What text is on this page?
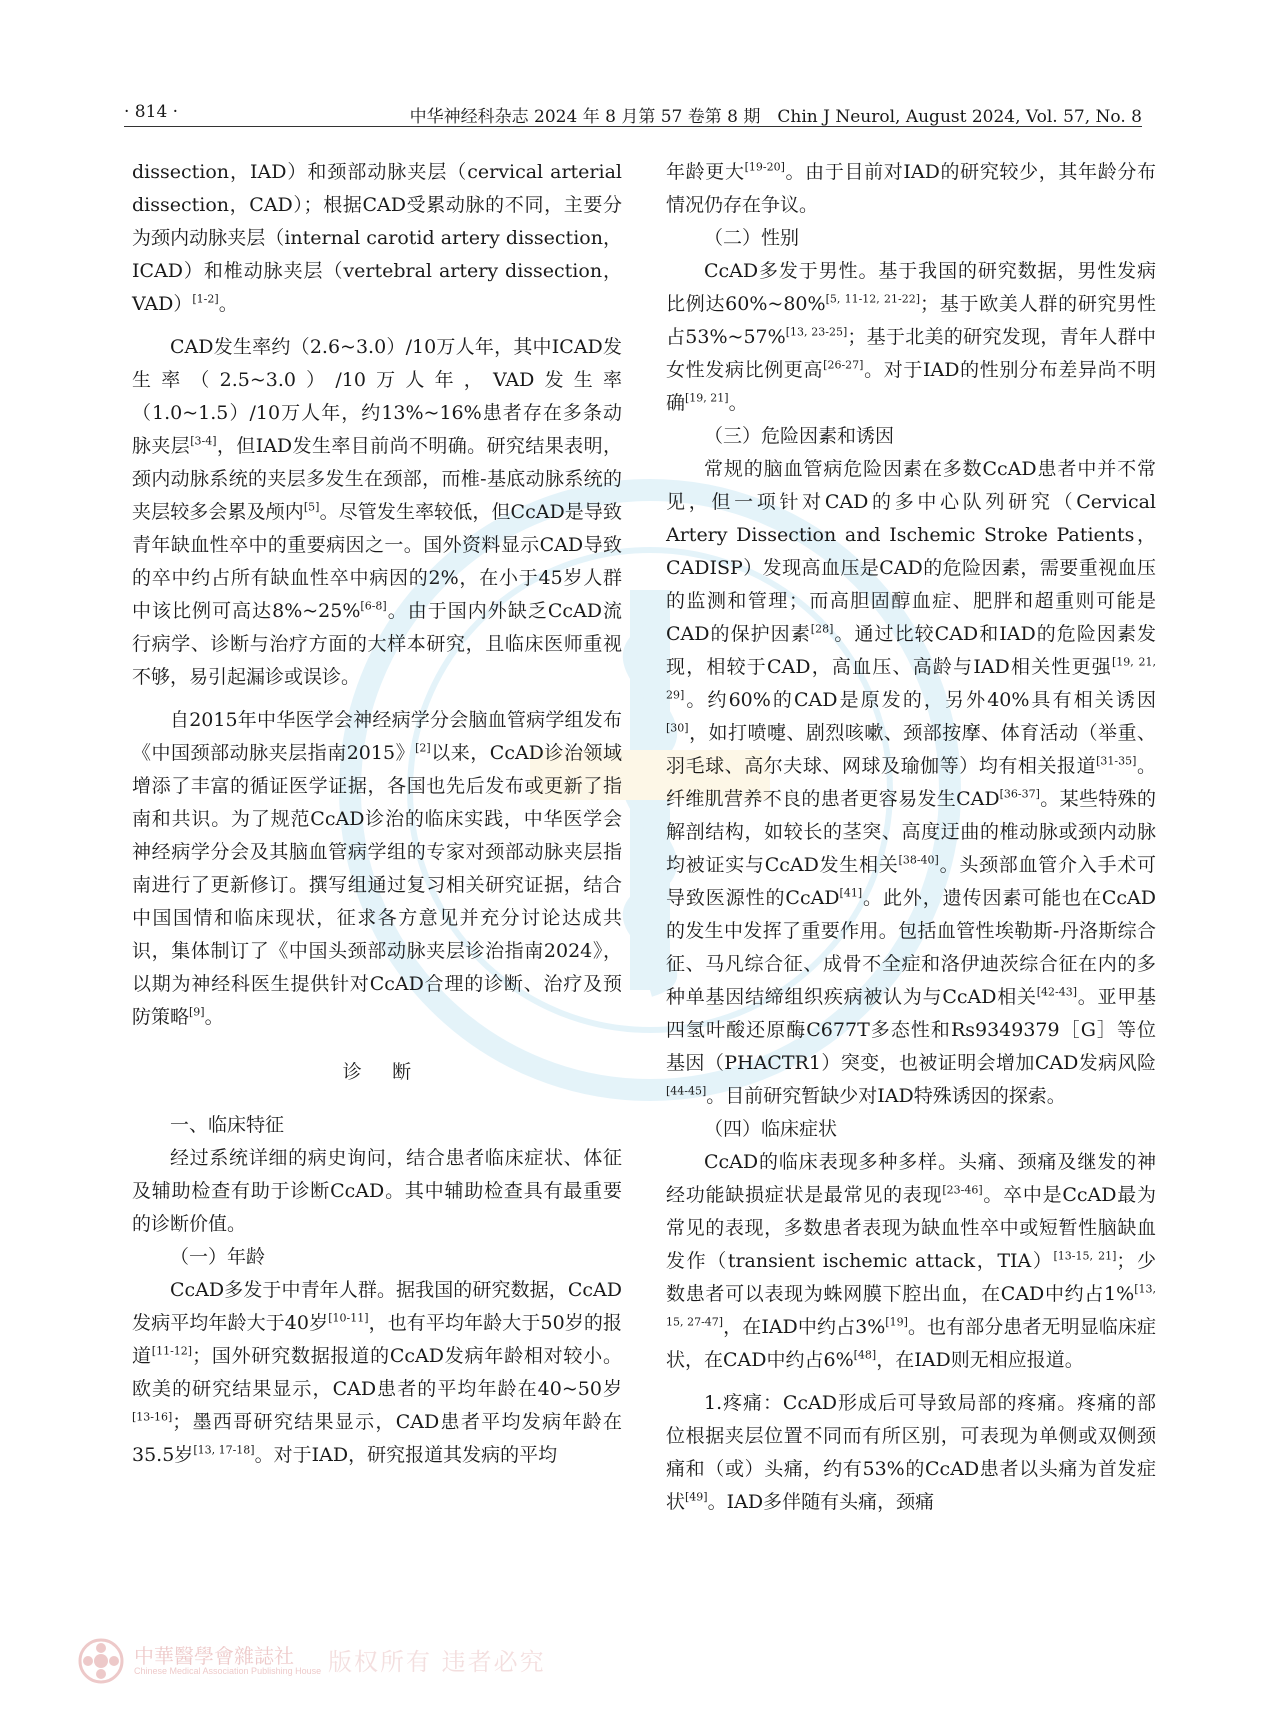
· 814 ·	中华神经科杂志 2024 年 8 月第 57 卷第 8 期　Chin J Neurol, August 2024, Vol. 57, No. 8

dissection，IAD）和颈部动脉夹层（cervical arterial dissection，CAD）；根据CAD受累动脉的不同，主要分为颈内动脉夹层（internal carotid artery dissection，ICAD）和椎动脉夹层（vertebral artery dissection，VAD）[1-2]。

CAD发生率约（2.6~3.0）/10万人年，其中ICAD发生率（2.5~3.0）/10万人年，VAD发生率（1.0~1.5）/10万人年，约13%~16%患者存在多条动脉夹层[3-4]，但IAD发生率目前尚不明确。研究结果表明，颈内动脉系统的夹层多发生在颈部，而椎-基底动脉系统的夹层较多会累及颅内[5]。尽管发生率较低，但CcAD是导致青年缺血性卒中的重要病因之一。国外资料显示CAD导致的卒中约占所有缺血性卒中病因的2%，在小于45岁人群中该比例可高达8%~25%[6-8]。由于国内外缺乏CcAD流行病学、诊断与治疗方面的大样本研究，且临床医师重视不够，易引起漏诊或误诊。

自2015年中华医学会神经病学分会脑血管病学组发布《中国颈部动脉夹层指南2015》[2]以来，CcAD诊治领域增添了丰富的循证医学证据，各国也先后发布或更新了指南和共识。为了规范CcAD诊治的临床实践，中华医学会神经病学分会及其脑血管病学组的专家对颈部动脉夹层指南进行了更新修订。撰写组通过复习相关研究证据，结合中国国情和临床现状，征求各方意见并充分讨论达成共识，集体制订了《中国头颈部动脉夹层诊治指南2024》，以期为神经科医生提供针对CcAD合理的诊断、治疗及预防策略[9]。

诊断

一、临床特征

经过系统详细的病史询问，结合患者临床症状、体征及辅助检查有助于诊断CcAD。其中辅助检查具有最重要的诊断价值。

（一）年龄

CcAD多发于中青年人群。据我国的研究数据，CcAD发病平均年龄大于40岁[10-11]，也有平均年龄大于50岁的报道[11-12]；国外研究数据报道的CcAD发病年龄相对较小。欧美的研究结果显示，CAD患者的平均年龄在40~50岁[13-16]；墨西哥研究结果显示，CAD患者平均发病年龄在35.5岁[13, 17-18]。对于IAD，研究报道其发病的平均

年龄更大[19-20]。由于目前对IAD的研究较少，其年龄分布情况仍存在争议。

（二）性别

CcAD多发于男性。基于我国的研究数据，男性发病比例达60%~80%[5, 11-12, 21-22]；基于欧美人群的研究男性占53%~57%[13, 23-25]；基于北美的研究发现，青年人群中女性发病比例更高[26-27]。对于IAD的性别分布差异尚不明确[19, 21]。

（三）危险因素和诱因

常规的脑血管病危险因素在多数CcAD患者中并不常见，但一项针对CAD的多中心队列研究（Cervical Artery Dissection and Ischemic Stroke Patients，CADISP）发现高血压是CAD的危险因素，需要重视血压的监测和管理；而高胆固醇血症、肥胖和超重则可能是CAD的保护因素[28]。通过比较CAD和IAD的危险因素发现，相较于CAD，高血压、高龄与IAD相关性更强[19, 21, 29]。约60%的CAD是原发的，另外40%具有相关诱因[30]，如打喷嚏、剧烈咳嗽、颈部按摩、体育活动（举重、羽毛球、高尔夫球、网球及瑜伽等）均有相关报道[31-35]。纤维肌营养不良的患者更容易发生CAD[36-37]。某些特殊的解剖结构，如较长的茎突、高度迂曲的椎动脉或颈内动脉均被证实与CcAD发生相关[38-40]。头颈部血管介入手术可导致医源性的CcAD[41]。此外，遗传因素可能也在CcAD的发生中发挥了重要作用。包括血管性埃勒斯-丹洛斯综合征、马凡综合征、成骨不全症和洛伊迪茨综合征在内的多种单基因结缔组织疾病被认为与CcAD相关[42-43]。亚甲基四氢叶酸还原酶C677T多态性和Rs9349379［G］等位基因（PHACTR1）突变，也被证明会增加CAD发病风险[44-45]。目前研究暂缺少对IAD特殊诱因的探索。

（四）临床症状

CcAD的临床表现多种多样。头痛、颈痛及继发的神经功能缺损症状是最常见的表现[23-46]。卒中是CcAD最为常见的表现，多数患者表现为缺血性卒中或短暂性脑缺血发作（transient ischemic attack，TIA）[13-15, 21]；少数患者可以表现为蛛网膜下腔出血，在CAD中约占1%[13, 15, 27-47]，在IAD中约占3%[19]。也有部分患者无明显临床症状，在CAD中约占6%[48]，在IAD则无相应报道。

1.疼痛：CcAD形成后可导致局部的疼痛。疼痛的部位根据夹层位置不同而有所区别，可表现为单侧或双侧颈痛和（或）头痛，约有53%的CcAD患者以头痛为首发症状[49]。IAD多伴随有头痛，颈痛

中華醫學會雜誌社
Chinese Medical Association Publishing House 版权所有 违者必究
